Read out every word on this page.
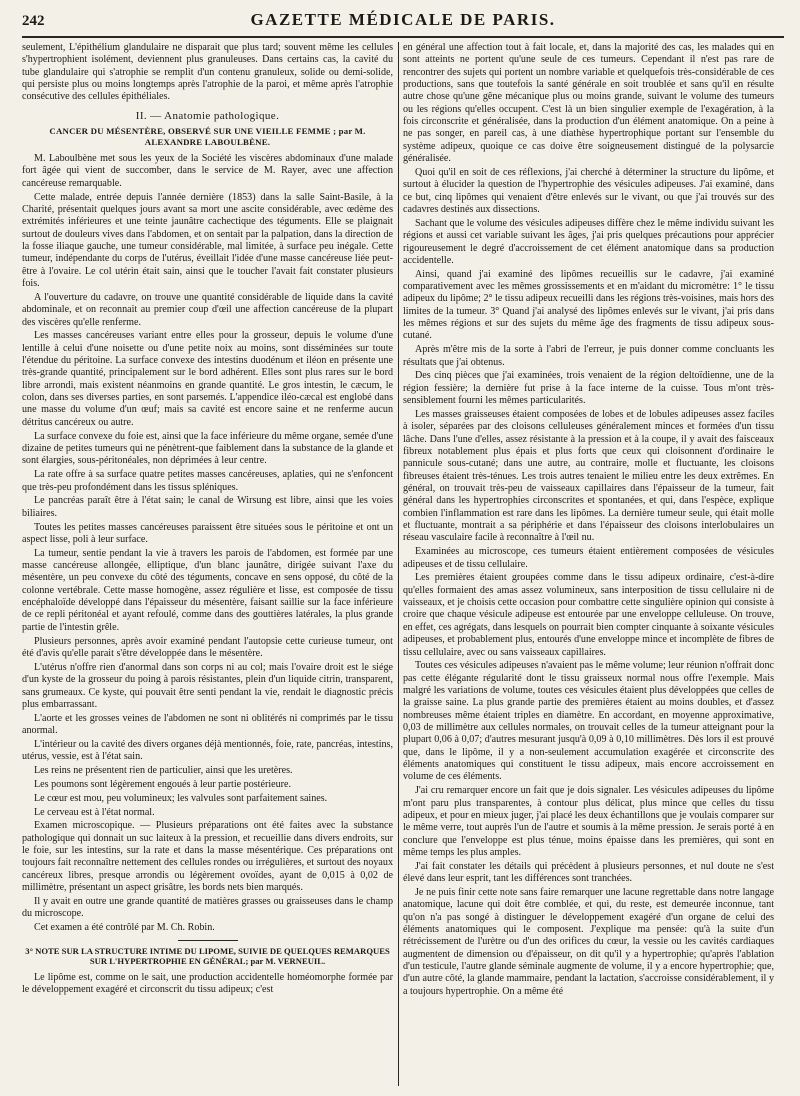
242	GAZETTE MÉDICALE DE PARIS.

seulement, L'épithélium glandulaire ne disparait que plus tard; souvent même les cellules s'hypertrophient isolément, deviennent plus granuleuses. Dans certains cas, la cavité du tube glandulaire qui s'atrophie se remplit d'un contenu granuleux, solide ou demi-solide, qui persiste plus ou moins longtemps après l'atrophie de la paroi, et même après l'atrophie consécutive des cellules épithéliales.

II. — Anatomie pathologique.
CANCER DU MÉSENTÈRE, OBSERVÉ SUR UNE VIEILLE FEMME ; par M. ALEXANDRE LABOULBÈNE.

M. Laboulbène met sous les yeux de la Société les viscères abdominaux d'une malade fort âgée qui vient de succomber, dans le service de M. Rayer, avec une affection cancéreuse remarquable.

Cette malade, entrée depuis l'année dernière (1853) dans la salle Saint-Basile, à la Charité, présentait quelques jours avant sa mort une ascite considérable, avec œdème des extrémités inférieures et une teinte jaunâtre cachectique des téguments. Elle se plaignait surtout de douleurs vives dans l'abdomen, et on sentait par la palpation, dans la direction de la fosse iliaque gauche, une tumeur considérable, mal limitée, à surface peu inégale. Cette tumeur, indépendante du corps de l'utérus, éveillait l'idée d'une masse cancéreuse liée peut-être à l'ovaire. Le col utérin était sain, ainsi que le toucher l'avait fait constater plusieurs fois.

A l'ouverture du cadavre, on trouve une quantité considérable de liquide dans la cavité abdominale, et on reconnait au premier coup d'œil une affection cancéreuse de la plupart des viscères qu'elle renferme.

Les masses cancéreuses variant entre elles pour la grosseur, depuis le volume d'une lentille à celui d'une noisette ou d'une petite noix au moins, sont disséminées sur toute l'étendue du péritoine. La surface convexe des intestins duodénum et iléon en présente une très-grande quantité, principalement sur le bord adhérent. Elles sont plus rares sur le bord libre arrondi, mais existent néanmoins en grande quantité. Le gros intestin, le cæcum, le colon, dans ses diverses parties, en sont parsemés. L'appendice iléo-cæcal est englobé dans une masse du volume d'un œuf; mais sa cavité est encore saine et ne renferme aucun détritus cancéreux ou autre.

La surface convexe du foie est, ainsi que la face inférieure du même organe, semée d'une dizaine de petites tumeurs qui ne pénètrent-que faiblement dans la substance de la glande et sont élargies, sous-péritonéales, non déprimées à leur centre.

La rate offre à sa surface quatre petites masses cancéreuses, aplaties, qui ne s'enfoncent que très-peu profondément dans les tissus spléniques.

Le pancréas paraît être à l'état sain; le canal de Wirsung est libre, ainsi que les voies biliaires.

Toutes les petites masses cancéreuses paraissent être situées sous le péritoine et ont un aspect lisse, poli à leur surface.

La tumeur, sentie pendant la vie à travers les parois de l'abdomen, est formée par une masse cancéreuse allongée, elliptique, d'un blanc jaunâtre, dirigée suivant l'axe du mésentère, un peu convexe du côté des téguments, concave en sens opposé, du côté de la colonne vertébrale. Cette masse homogène, assez régulière et lisse, est composée de tissu encéphaloïde développé dans l'épaisseur du mésentère, faisant saillie sur la face inférieure de ce repli péritonéal et ayant refoulé, comme dans des gouttières latérales, la plus grande partie de l'intestin grêle.

Plusieurs personnes, après avoir examiné pendant l'autopsie cette curieuse tumeur, ont été d'avis qu'elle parait s'être développée dans le mésentère.

L'utérus n'offre rien d'anormal dans son corps ni au col; mais l'ovaire droit est le siége d'un kyste de la grosseur du poing à parois résistantes, plein d'un liquide citrin, transparent, sans grumeaux. Ce kyste, qui pouvait être senti pendant la vie, rendait le diagnostic précis plus embarrassant.

L'aorte et les grosses veines de l'abdomen ne sont ni oblitérés ni comprimés par le tissu anormal.

L'intérieur ou la cavité des divers organes déjà mentionnés, foie, rate, pancréas, intestins, utérus, vessie, est à l'état sain.

Les reins ne présentent rien de particulier, ainsi que les uretères.

Les poumons sont légèrement engoués à leur partie postérieure.

Le cœur est mou, peu volumineux; les valvules sont parfaitement saines.

Le cerveau est à l'état normal.

Examen microscopique. — Plusieurs préparations ont été faites avec la substance pathologique qui donnait un suc laiteux à la pression, et recueillie dans divers endroits, sur le foie, sur les intestins, sur la rate et dans la masse mésentérique. Ces préparations ont toujours fait reconnaître nettement des cellules rondes ou irrégulières, et surtout des noyaux cancéreux libres, presque arrondis ou légèrement ovoïdes, ayant de 0,015 à 0,02 de millimètre, présentant un aspect grisâtre, les bords nets bien marqués.

Il y avait en outre une grande quantité de matières grasses ou graisseuses dans le champ du microscope.

Cet examen a été contrôlé par M. Ch. Robin.

3° NOTE SUR LA STRUCTURE INTIME DU LIPOME, SUIVIE DE QUELQUES REMARQUES SUR L'HYPERTROPHIE EN GÉNÉRAL; par M. VERNEUIL.

Le lipôme est, comme on le sait, une production accidentelle homéomorphe formée par le développement exagéré et circonscrit du tissu adipeux; c'est

en général une affection tout à fait locale, et, dans la majorité des cas, les malades qui en sont atteints ne portent qu'une seule de ces tumeurs. Cependant il n'est pas rare de rencontrer des sujets qui portent un nombre variable et quelquefois très-considérable de ces productions, sans que toutefois la santé générale en soit troublée et sans qu'il en résulte autre chose qu'une gêne mécanique plus ou moins grande, suivant le volume des tumeurs ou les régions qu'elles occupent. C'est là un bien singulier exemple de l'exagération, à la fois circonscrite et généralisée, dans la production d'un élément anatomique. On a peine à ne pas songer, en pareil cas, à une diathèse hypertrophique portant sur l'ensemble du système adipeux, quoique ce cas doive être soigneusement distingué de la polysarcie généralisée.

Quoi qu'il en soit de ces réflexions, j'ai cherché à déterminer la structure du lipôme, et surtout à élucider la question de l'hypertrophie des vésicules adipeuses. J'ai examiné, dans ce but, cinq lipômes qui venaient d'être enlevés sur le vivant, ou que j'ai trouvés sur des cadavres destinés aux dissections.

Sachant que le volume des vésicules adipeuses diffère chez le même individu suivant les régions et aussi cet variable suivant les âges, j'ai pris quelques précautions pour apprécier rigoureusement le degré d'accroissement de cet élément anatomique dans sa production accidentelle.

Ainsi, quand j'ai examiné des lipômes recueillis sur le cadavre, j'ai examiné comparativement avec les mêmes grossissements et en m'aidant du micromètre: 1° le tissu adipeux du lipôme; 2° le tissu adipeux recueilli dans les régions très-voisines, mais hors des limites de la tumeur. 3° Quand j'ai analysé des lipômes enlevés sur le vivant, j'ai pris dans les mêmes régions et sur des sujets du même âge des fragments de tissu adipeux sous-cutané.

Après m'être mis de la sorte à l'abri de l'erreur, je puis donner comme concluants les résultats que j'ai obtenus.

Des cinq pièces que j'ai examinées, trois venaient de la région deltoïdienne, une de la région fessière; la dernière fut prise à la face interne de la cuisse. Tous m'ont très-sensiblement fourni les mêmes particularités.

Les masses graisseuses étaient composées de lobes et de lobules adipeuses assez faciles à isoler, séparées par des cloisons celluleuses généralement minces et formées d'un tissu lâche. Dans l'une d'elles, assez résistante à la pression et à la coupe, il y avait des faisceaux fibreux notablement plus épais et plus forts que ceux qui cloisonnent d'ordinaire le pannicule sous-cutané; dans une autre, au contraire, molle et fluctuante, les cloisons fibreuses étaient très-ténues. Les trois autres tenaient le milieu entre les deux extrêmes. En général, on trouvait très-peu de vaisseaux capillaires dans l'épaisseur de la tumeur, fait général dans les hypertrophies circonscrites et spontanées, et qui, dans l'espèce, explique combien l'inflammation est rare dans les lipômes. La dernière tumeur seule, qui était molle et fluctuante, montrait a sa périphérie et dans l'épaisseur des cloisons interlobulaires un réseau vasculaire facile à reconnaître à l'œil nu.

Examinées au microscope, ces tumeurs étaient entièrement composées de vésicules adipeuses et de tissu cellulaire.

Les premières étaient groupées comme dans le tissu adipeux ordinaire, c'est-à-dire qu'elles formaient des amas assez volumineux, sans interposition de tissu cellulaire ni de vaisseaux, et je choisis cette occasion pour combattre cette singulière opinion qui consiste à croire que chaque vésicule adipeuse est entourée par une enveloppe celluleuse. On trouve, en effet, ces agrégats, dans lesquels on pourrait bien compter cinquante à soixante vésicules adipeuses, et probablement plus, entourés d'une enveloppe mince et incomplète de fibres de tissu cellulaire, avec ou sans vaisseaux capillaires.

Toutes ces vésicules adipeuses n'avaient pas le même volume; leur réunion n'offrait donc pas cette élégante régularité dont le tissu graisseux normal nous offre l'exemple. Mais malgré les variations de volume, toutes ces vésicules étaient plus développées que celles de la graisse saine. La plus grande partie des premières étaient au moins doubles, et d'assez nombreuses même étaient triples en diamètre. En accordant, en moyenne approximative, 0,03 de millimètre aux cellules normales, on trouvait celles de la tumeur atteignant pour la plupart 0,06 à 0,07; d'autres mesurant jusqu'à 0,09 à 0,10 millimètres. Dès lors il est prouvé que, dans le lipôme, il y a non-seulement accumulation exagérée et circonscrite des éléments anatomiques qui constituent le tissu adipeux, mais encore accroissement en volume de ces éléments.

J'ai cru remarquer encore un fait que je dois signaler. Les vésicules adipeuses du lipôme m'ont paru plus transparentes, à contour plus délicat, plus mince que celles du tissu adipeux, et pour en mieux juger, j'ai placé les deux échantillons que je voulais comparer sur le même verre, tout auprès l'un de l'autre et soumis à la même pression. Je serais porté à en conclure que l'enveloppe est plus ténue, moins épaisse dans les premières, qui sont en même temps les plus amples.

J'ai fait constater les détails qui précèdent à plusieurs personnes, et nul doute ne s'est élevé dans leur esprit, tant les différences sont tranchées.

Je ne puis finir cette note sans faire remarquer une lacune regrettable dans notre langage anatomique, lacune qui doit être comblée, et qui, du reste, est demeurée inconnue, tant qu'on n'a pas songé à distinguer le développement exagéré d'un organe de celui des éléments anatomiques qui le composent. J'explique ma pensée: qu'à la suite d'un rétrécissement de l'urètre ou d'un des orifices du cœur, la vessie ou les cavités cardiaques augmentent de dimension ou d'épaisseur, on dit qu'il y a hypertrophie; qu'après l'ablation d'un testicule, l'autre glande séminale augmente de volume, il y a encore hypertrophie; que, d'un autre côté, la glande mammaire, pendant la lactation, s'accroisse considérablement, il y a toujours hypertrophie. On a même été
